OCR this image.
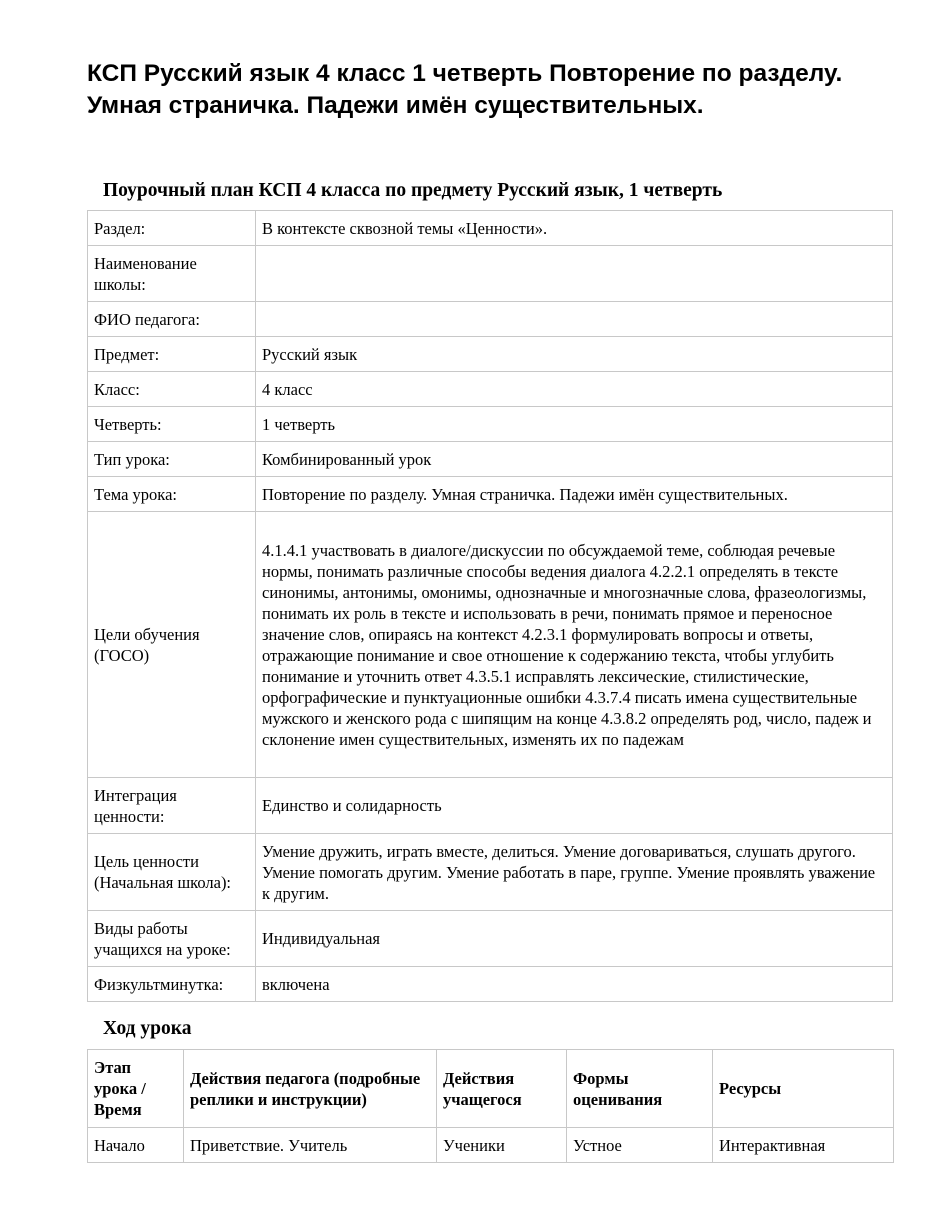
КСП Русский язык 4 класс 1 четверть Повторение по разделу. Умная страничка. Падежи имён существительных.
Поурочный план КСП 4 класса по предмету Русский язык, 1 четверть
Раздел:	В контексте сквозной темы «Ценности».
Наименование школы:	
ФИО педагога:	
Предмет:	Русский язык
Класс:	4 класс
Четверть:	1 четверть
Тип урока:	Комбинированный урок
Тема урока:	Повторение по разделу. Умная страничка. Падежи имён существительных.
Цели обучения (ГОСО)	4.1.4.1 участвовать в диалоге/дискуссии по обсуждаемой теме, соблюдая речевые нормы, понимать различные способы ведения диалога 4.2.2.1 определять в тексте синонимы, антонимы, омонимы, однозначные и многозначные слова, фразеологизмы, понимать их роль в тексте и использовать в речи, понимать прямое и переносное значение слов, опираясь на контекст 4.2.3.1 формулировать вопросы и ответы, отражающие понимание и свое отношение к содержанию текста, чтобы углубить понимание и уточнить ответ 4.3.5.1 исправлять лексические, стилистические, орфографические и пунктуационные ошибки 4.3.7.4 писать имена существительные мужского и женского рода с шипящим на конце 4.3.8.2 определять род, число, падеж и склонение имен существительных, изменять их по падежам
Интеграция ценности:	Единство и солидарность
Цель ценности (Начальная школа):	Умение дружить, играть вместе, делиться. Умение договариваться, слушать другого. Умение помогать другим. Умение работать в паре, группе. Умение проявлять уважение к другим.
Виды работы учащихся на уроке:	Индивидуальная
Физкультминутка:	включена
Ход урока
Этап урока / Время	Действия педагога (подробные реплики и инструкции)	Действия учащегося	Формы оценивания	Ресурсы
Начало	Приветствие. Учитель	Ученики	Устное	Интерактивная
